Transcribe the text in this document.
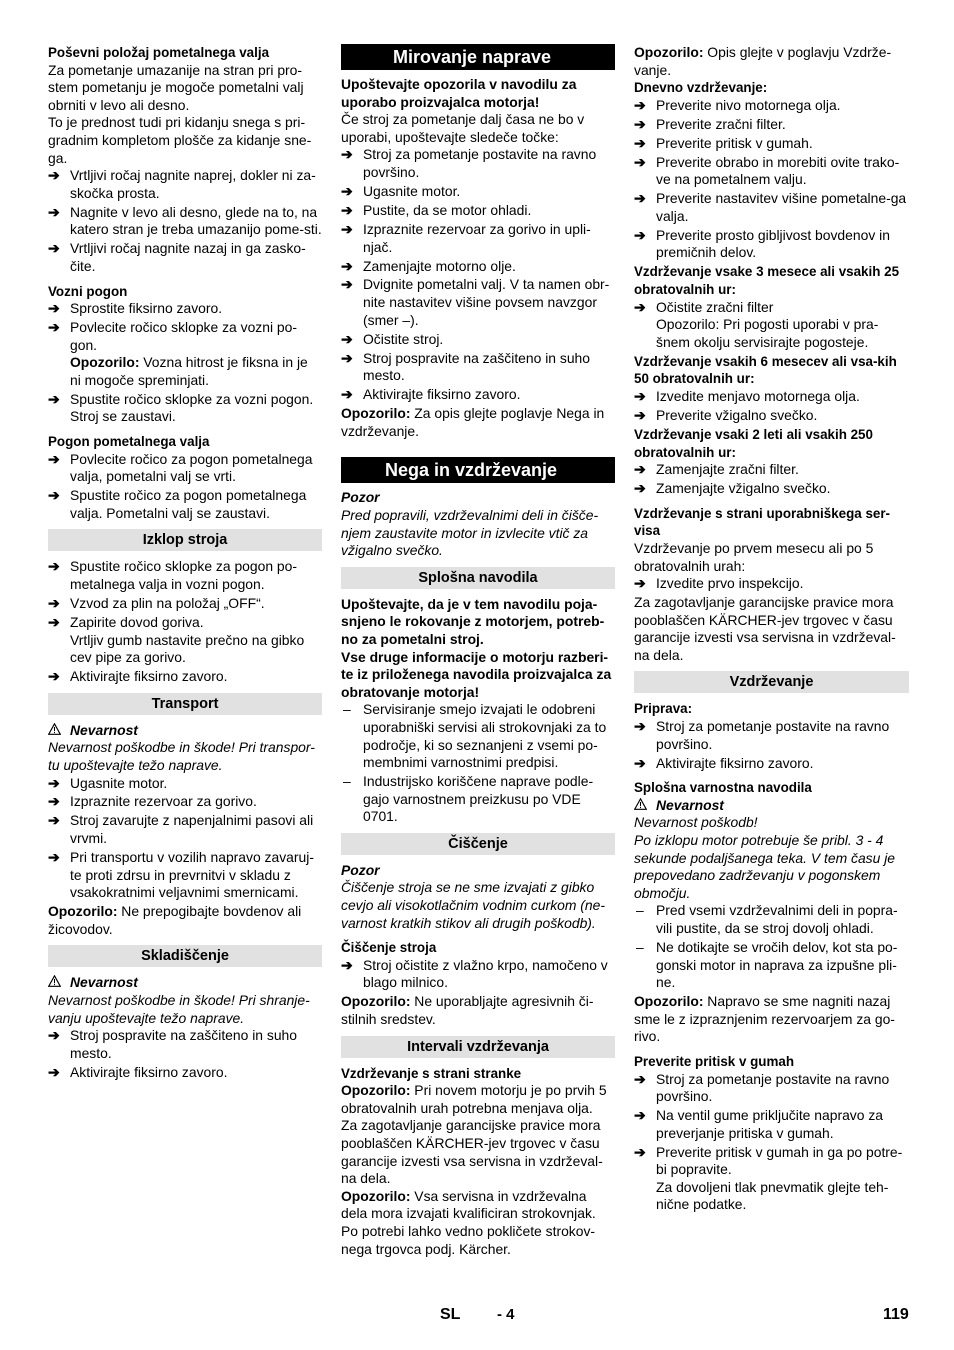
Poševni položaj pometalnega valja

Za pometanje umazanije na stran pri pro-stem pometanju je mogoče pometalni valj obrniti v levo ali desno.

To je prednost tudi pri kidanju snega s pri-gradnim kompletom plošče za kidanje sne-ga.

➔ Vrtljivi ročaj nagnite naprej, dokler ni za-skočka prosta.
➔ Nagnite v levo ali desno, glede na to, na katero stran je treba umazanijo pome-sti.
➔ Vrtljivi ročaj nagnite nazaj in ga zasko-čite.

Vozni pogon

➔ Sprostite fiksirno zavoro.
➔ Povlecite ročico sklopke za vozni po-gon.
Opozorilo: Vozna hitrost je fiksna in je ni mogoče spreminjati.
➔ Spustite ročico sklopke za vozni pogon. Stroj se zaustavi.

Pogon pometalnega valja

➔ Povlecite ročico za pogon pometalnega valja, pometalni valj se vrti.
➔ Spustite ročico za pogon pometalnega valja. Pometalni valj se zaustavi.
Izklop stroja
➔ Spustite ročico sklopke za pogon po-metalnega valja in vozni pogon.
➔ Vzvod za plin na položaj „OFF“.
➔ Zapirite dovod goriva.
Vrtljiv gumb nastavite prečno na gibko cev pipe za gorivo.
➔ Aktivirajte fiksirno zavoro.
Transport
Nevarnost

Nevarnost poškodbe in škode! Pri transpor-tu upoštevajte težo naprave.

➔ Ugasnite motor.
➔ Izpraznite rezervoar za gorivo.
➔ Stroj zavarujte z napenjalnimi pasovi ali vrvmi.
➔ Pri transportu v vozilih napravo zavaruj-te proti zdrsu in prevrnitvi v skladu z vsakokratnimi veljavnimi smernicami.

Opozorilo: Ne prepogibajte bovdenov ali žicovodov.

Skladiščenje
Nevarnost

Nevarnost poškodbe in škode! Pri shranje-vanju upoštevajte težo naprave.

➔ Stroj pospravite na zaščiteno in suho mesto.
➔ Aktivirajte fiksirno zavoro.
Mirovanje naprave

Upoštevajte opozorila v navodilu za uporabo proizvajalca motorja!

Če stroj za pometanje dalj časa ne bo v uporabi, upoštevajte sledeče točke:

➔ Stroj za pometanje postavite na ravno površino.
➔ Ugasnite motor.
➔ Pustite, da se motor ohladi.
➔ Izpraznite rezervoar za gorivo in upli-njač.
➔ Zamenjajte motorno olje.
➔ Dvignite pometalni valj. V ta namen obr-nite nastavitev višine povsem navzgor (smer –).
➔ Očistite stroj.
➔ Stroj pospravite na zaščiteno in suho mesto.
➔ Aktivirajte fiksirno zavoro.

Opozorilo: Za opis glejte poglavje Nega in vzdrževanje.

Nega in vzdrževanje

Pozor

Pred popravili, vzdrževalnimi deli in čišče-njem zaustavite motor in izvlecite vtič za vžigalno svečko.

Splošna navodila

Upoštevajte, da je v tem navodilu poja-snjeno le rokovanje z motorjem, potreb-no za pometalni stroj.

Vse druge informacije o motorju razberi-te iz priloženega navodila proizvajalca za obratovanje motorja!

– Servisiranje smejo izvajati le odobreni uporabniški servisi ali strokovnjaki za to področje, ki so seznanjeni z vsemi po-membnimi varnostnimi predpisi.
– Industrijsko koriščene naprave podle-gajo varnostnem preizkusu po VDE 0701.
Čiščenje

Pozor

Čiščenje stroja se ne sme izvajati z gibko cevjo ali visokotlačnim vodnim curkom (ne-varnost kratkih stikov ali drugih poškodb).

Čiščenje stroja

➔ Stroj očistite z vlažno krpo, namočeno v blago milnico.

Opozorilo: Ne uporabljajte agresivnih či-stilnih sredstev.

Intervali vzdrževanja

Vzdrževanje s strani stranke

Opozorilo: Pri novem motorju je po prvih 5 obratovalnih urah potrebna menjava olja.

Za zagotavljanje garancijske pravice mora pooblaščen KÄRCHER-jev trgovec v času garancije izvesti vsa servisna in vzdrževal-na dela.

Opozorilo: Vsa servisna in vzdrževalna dela mora izvajati kvalificiran strokovnjak. Po potrebi lahko vedno pokličete strokov-nega trgovca podj. Kärcher.

Opozorilo: Opis glejte v poglavju Vzdrže-vanje.

Dnevno vzdrževanje:

➔ Preverite nivo motornega olja.
➔ Preverite zračni filter.
➔ Preverite pritisk v gumah.
➔ Preverite obrabo in morebiti ovite trako-ve na pometalnem valju.
➔ Preverite nastavitev višine pometalne-ga valja.
➔ Preverite prosto gibljivost bovdenov in premičnih delov.

Vzdrževanje vsake 3 mesece ali vsakih 25 obratovalnih ur:

➔ Očistite zračni filter
Opozorilo: Pri pogosti uporabi v pra-šnem okolju servisirajte pogosteje.

Vzdrževanje vsakih 6 mesecev ali vsa-kih 50 obratovalnih ur:

➔ Izvedite menjavo motornega olja.
➔ Preverite vžigalno svečko.

Vzdrževanje vsaki 2 leti ali vsakih 250 obratovalnih ur:

➔ Zamenjajte zračni filter.
➔ Zamenjajte vžigalno svečko.

Vzdrževanje s strani uporabniškega ser-visa

Vzdrževanje po prvem mesecu ali po 5 obratovalnih urah:

➔ Izvedite prvo inspekcijo.

Za zagotavljanje garancijske pravice mora pooblaščen KÄRCHER-jev trgovec v času garancije izvesti vsa servisna in vzdrževal-na dela.

Vzdrževanje

Priprava:

➔ Stroj za pometanje postavite na ravno površino.
➔ Aktivirajte fiksirno zavoro.

Splošna varnostna navodila

Nevarnost

Nevarnost poškodb!

Po izklopu motor potrebuje še pribl. 3 - 4 sekunde podaljšanega teka. V tem času je prepovedano zadrževanju v pogonskem območju.

– Pred vsemi vzdrževalnimi deli in popra-vili pustite, da se stroj dovolj ohladi.
– Ne dotikajte se vročih delov, kot sta po-gonski motor in naprava za izpušne pli-ne.

Opozorilo: Napravo se sme nagniti nazaj sme le z izpraznjenim rezervoarjem za go-rivo.

Preverite pritisk v gumah

➔ Stroj za pometanje postavite na ravno površino.
➔ Na ventil gume priključite napravo za preverjanje pritiska v gumah.
➔ Preverite pritisk v gumah in ga po potre-bi popravite.
Za dovoljeni tlak pnevmatik glejte teh-nične podatke.
SL - 4	119
